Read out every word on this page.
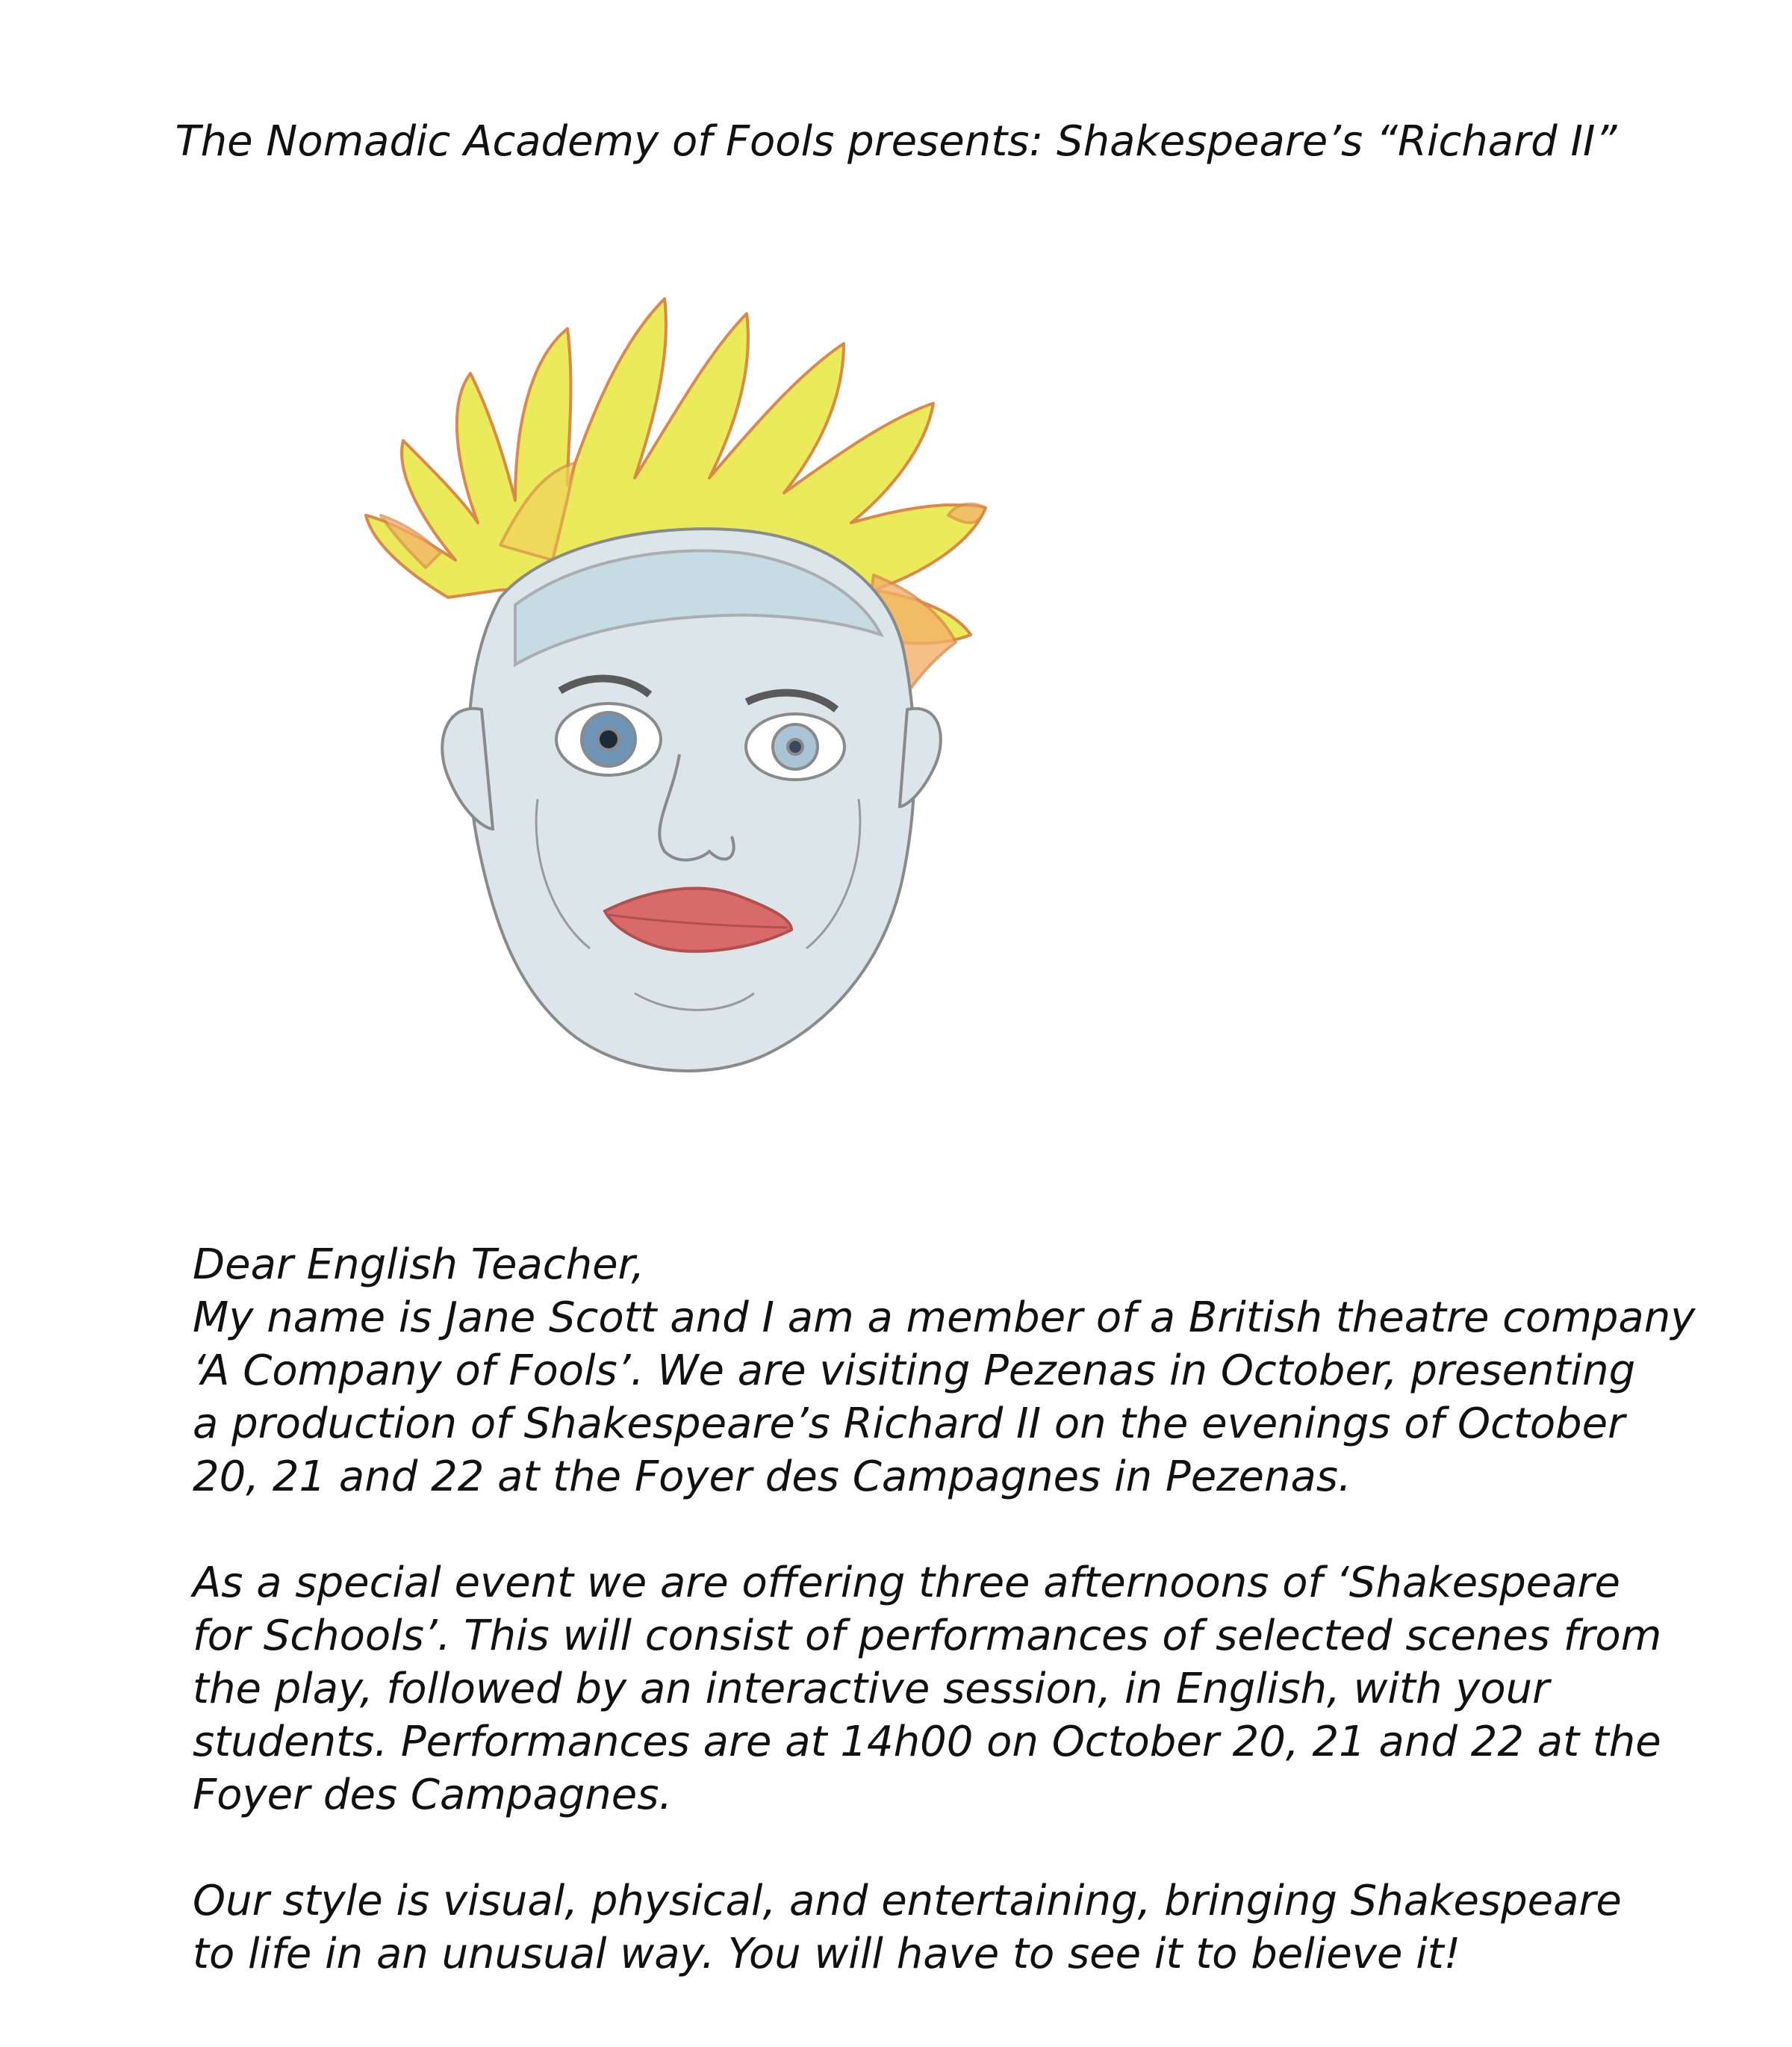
The Nomadic Academy of Fools presents: Shakespeare’s “Richard II”

Dear English Teacher,

My name is Jane Scott and I am a member of a British theatre company
‘A Company of Fools’. We are visiting Pezenas in October, presenting
a production of Shakespeare’s Richard II on the evenings of October
20, 21 and 22 at the Foyer des Campagnes in Pezenas.

As a special event we are offering three afternoons of ‘Shakespeare
for Schools’. This will consist of performances of selected scenes from
the play, followed by an interactive session, in English, with your
students. Performances are at 14h00 on October 20, 21 and 22 at the
Foyer des Campagnes.

Our style is visual, physical, and entertaining, bringing Shakespeare
to life in an unusual way. You will have to see it to believe it!
